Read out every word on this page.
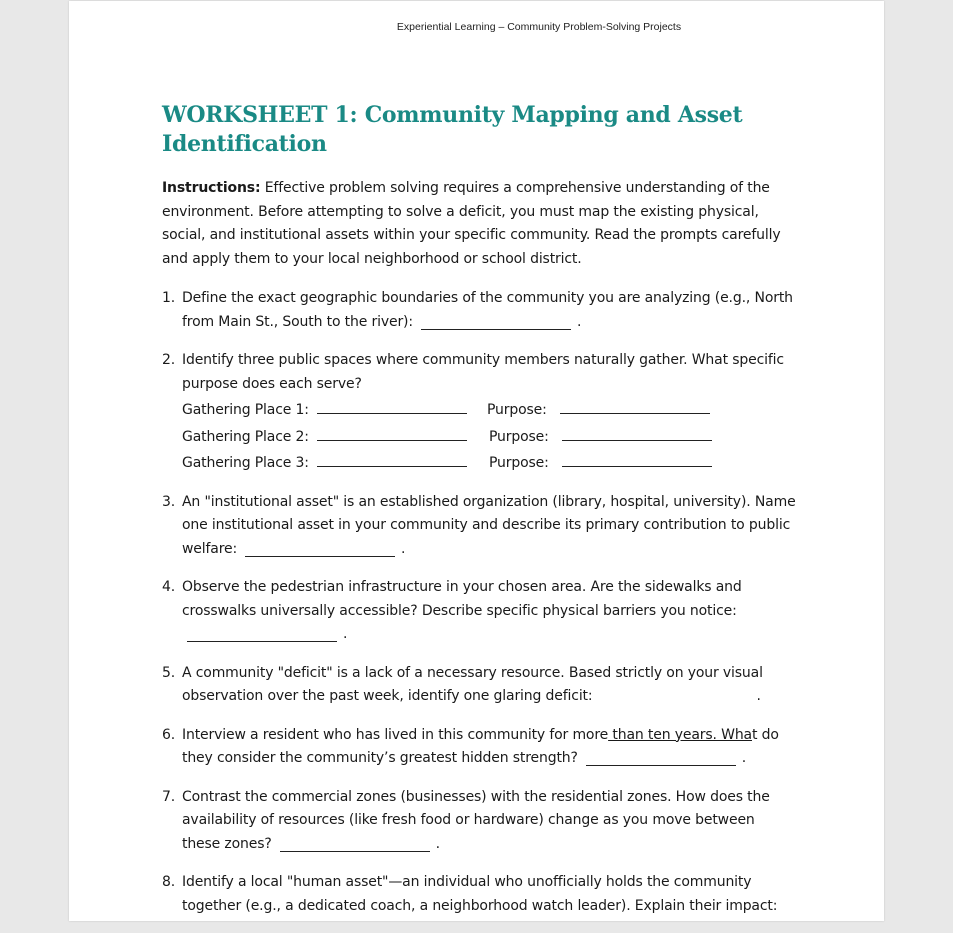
Experiential Learning – Community Problem-Solving Projects
WORKSHEET 1: Community Mapping and Asset Identification
Instructions: Effective problem solving requires a comprehensive understanding of the environment. Before attempting to solve a deficit, you must map the existing physical, social, and institutional assets within your specific community. Read the prompts carefully and apply them to your local neighborhood or school district.
1. Define the exact geographic boundaries of the community you are analyzing (e.g., North from Main St., South to the river):	.
2. Identify three public spaces where community members naturally gather. What specific purpose does each serve?
Gathering Place 1:	Purpose:
Gathering Place 2:	Purpose:
Gathering Place 3:	Purpose:
3. An "institutional asset" is an established organization (library, hospital, university). Name one institutional asset in your community and describe its primary contribution to public welfare:	.
4. Observe the pedestrian infrastructure in your chosen area. Are the sidewalks and crosswalks universally accessible? Describe specific physical barriers you notice:
.
5. A community "deficit" is a lack of a necessary resource. Based strictly on your visual observation over the past week, identify one glaring deficit:	.
6. Interview a resident who has lived in this community for more than ten years. What do they consider the community’s greatest hidden strength?	.
7. Contrast the commercial zones (businesses) with the residential zones. How does the availability of resources (like fresh food or hardware) change as you move between these zones?	.
8. Identify a local "human asset"—an individual who unofficially holds the community together (e.g., a dedicated coach, a neighborhood watch leader). Explain their impact:
